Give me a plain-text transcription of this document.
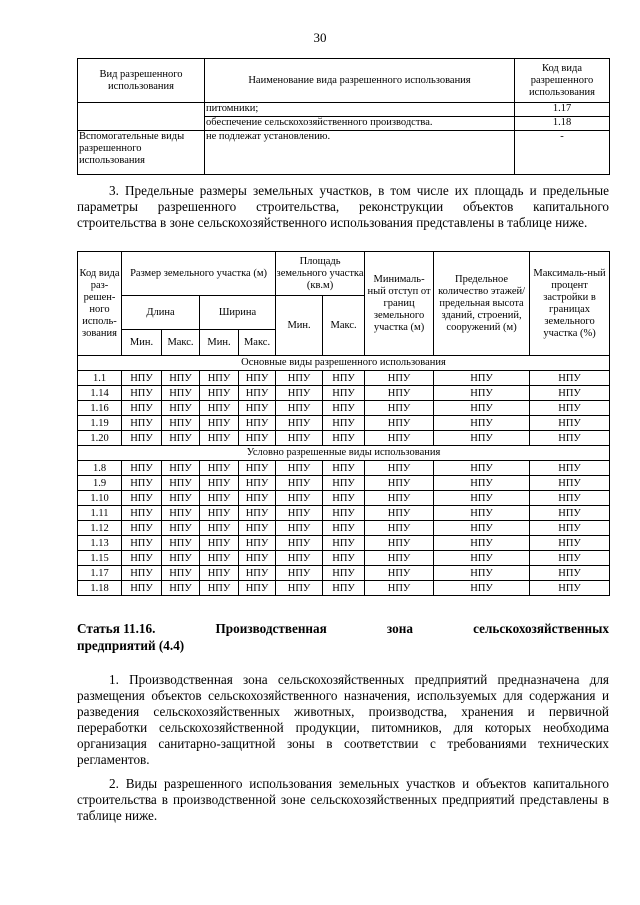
30
Вид разрешенного использования	Наименование вида разрешенного использования	Код вида разрешенного использования
	питомники;	1.17
	обеспечение сельскохозяйственного производства.	1.18
Вспомогательные виды разрешенного использования	не подлежат установлению.	-
3. Предельные размеры земельных участков, в том числе их площадь и предельные параметры разрешенного строительства, реконструкции объектов капитального строительства в зоне сельскохозяйственного использования представлены в таблице ниже.
Код вида раз-решен-ного исполь-зования	Размер земельного участка (м)				Площадь земельного участка (кв.м)		Минималь-ный отступ от границ земельного участка (м)	Предельное количество этажей/ предельная высота зданий, строений, сооружений (м)	Максималь-ный процент застройки в границах земельного участка (%)
	Длина		Ширина		Мин.	Макс.			
	Мин.	Макс.	Мин.	Макс.					
Основные виды разрешенного использования									
1.1	НПУ	НПУ	НПУ	НПУ	НПУ	НПУ	НПУ	НПУ	НПУ
1.14	НПУ	НПУ	НПУ	НПУ	НПУ	НПУ	НПУ	НПУ	НПУ
1.16	НПУ	НПУ	НПУ	НПУ	НПУ	НПУ	НПУ	НПУ	НПУ
1.19	НПУ	НПУ	НПУ	НПУ	НПУ	НПУ	НПУ	НПУ	НПУ
1.20	НПУ	НПУ	НПУ	НПУ	НПУ	НПУ	НПУ	НПУ	НПУ
Условно разрешенные виды использования									
1.8	НПУ	НПУ	НПУ	НПУ	НПУ	НПУ	НПУ	НПУ	НПУ
1.9	НПУ	НПУ	НПУ	НПУ	НПУ	НПУ	НПУ	НПУ	НПУ
1.10	НПУ	НПУ	НПУ	НПУ	НПУ	НПУ	НПУ	НПУ	НПУ
1.11	НПУ	НПУ	НПУ	НПУ	НПУ	НПУ	НПУ	НПУ	НПУ
1.12	НПУ	НПУ	НПУ	НПУ	НПУ	НПУ	НПУ	НПУ	НПУ
1.13	НПУ	НПУ	НПУ	НПУ	НПУ	НПУ	НПУ	НПУ	НПУ
1.15	НПУ	НПУ	НПУ	НПУ	НПУ	НПУ	НПУ	НПУ	НПУ
1.17	НПУ	НПУ	НПУ	НПУ	НПУ	НПУ	НПУ	НПУ	НПУ
1.18	НПУ	НПУ	НПУ	НПУ	НПУ	НПУ	НПУ	НПУ	НПУ
Статья 11.16.	Производственная	зона	сельскохозяйственных
предприятий (4.4)
1. Производственная зона сельскохозяйственных предприятий предназначена для размещения объектов сельскохозяйственного назначения, используемых для содержания и разведения сельскохозяйственных животных, производства, хранения и первичной переработки сельскохозяйственной продукции, питомников, для которых необходима организация санитарно-защитной зоны в соответствии с требованиями технических регламентов.
2. Виды разрешенного использования земельных участков и объектов капитального строительства в производственной зоне сельскохозяйственных предприятий представлены в таблице ниже.
